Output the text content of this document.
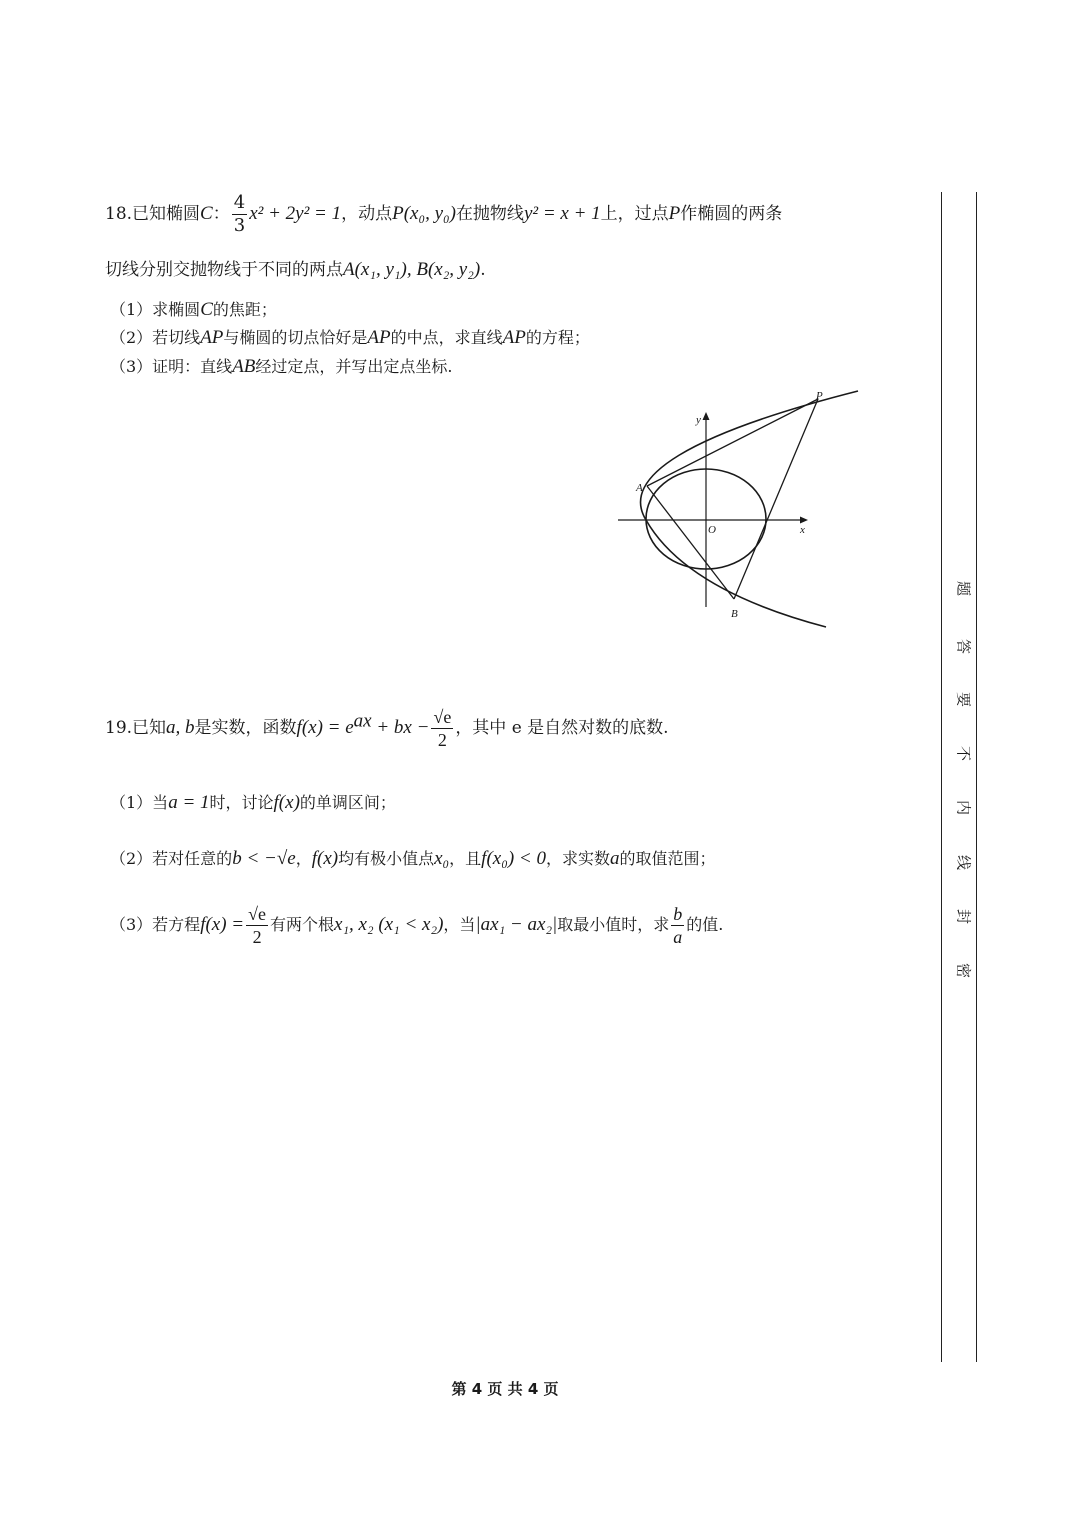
18.已知椭圆C： $\frac{4}{3} x^2 + 2y^2 = 1$，动点P(x₀, y₀)在抛物线y² = x + 1上，过点P作椭圆的两条
切线分别交抛物线于不同的两点A(x₁, y₁), B(x₂, y₂).
（1）求椭圆C的焦距；
（2）若切线AP与椭圆的切点恰好是AP的中点，求直线AP的方程；
（3）证明：直线AB经过定点，并写出定点坐标.
y
x
O
A
B
P
19.已知a, b是实数，函数$f(x) = e^{ax}$ + bx − $\frac{√e}{2}$ ，其中 e 是自然对数的底数.
（1）当a = 1时，讨论f(x)的单调区间；
（2）若对任意的b < −√e，f(x)均有极小值点x₀，且f(x₀) < 0，求实数a的取值范围；
（3）若方程$f(x) = \frac{√e}{2}$ 有两个根x₁, x₂ (x₁ < x₂)，当|ax₁ − ax₂|取最小值时，求 $\frac{b}{a}$ 的值.
题
答
要
不
内
线
封
密
第 4 页 共 4 页
